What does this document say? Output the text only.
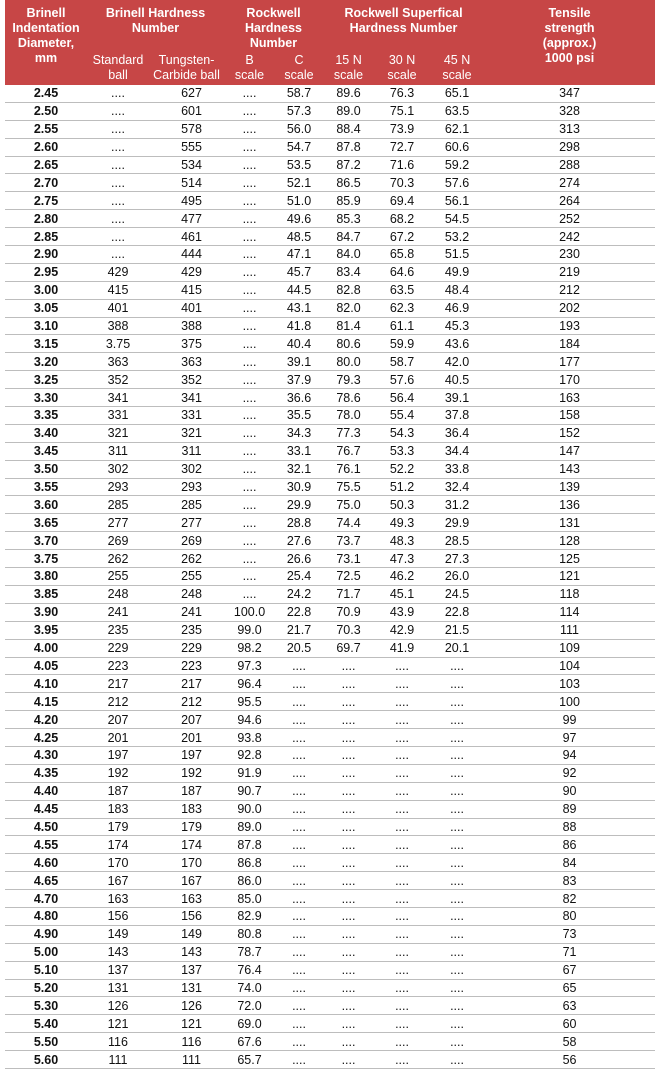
Brinell Indentation Diameter, mm	Brinell Hardness Number		Rockwell Hardness Number		Rockwell Superfical Hardness Number			Tensile strength (approx.) 1000 psi
	Standard ball	Tungsten-Carbide ball	B scale	C scale	15 N scale	30 N scale	45 N scale	
2.45	....	627	....	58.7	89.6	76.3	65.1	347
2.50	....	601	....	57.3	89.0	75.1	63.5	328
2.55	....	578	....	56.0	88.4	73.9	62.1	313
2.60	....	555	....	54.7	87.8	72.7	60.6	298
2.65	....	534	....	53.5	87.2	71.6	59.2	288
2.70	....	514	....	52.1	86.5	70.3	57.6	274
2.75	....	495	....	51.0	85.9	69.4	56.1	264
2.80	....	477	....	49.6	85.3	68.2	54.5	252
2.85	....	461	....	48.5	84.7	67.2	53.2	242
2.90	....	444	....	47.1	84.0	65.8	51.5	230
2.95	429	429	....	45.7	83.4	64.6	49.9	219
3.00	415	415	....	44.5	82.8	63.5	48.4	212
3.05	401	401	....	43.1	82.0	62.3	46.9	202
3.10	388	388	....	41.8	81.4	61.1	45.3	193
3.15	3.75	375	....	40.4	80.6	59.9	43.6	184
3.20	363	363	....	39.1	80.0	58.7	42.0	177
3.25	352	352	....	37.9	79.3	57.6	40.5	170
3.30	341	341	....	36.6	78.6	56.4	39.1	163
3.35	331	331	....	35.5	78.0	55.4	37.8	158
3.40	321	321	....	34.3	77.3	54.3	36.4	152
3.45	311	311	....	33.1	76.7	53.3	34.4	147
3.50	302	302	....	32.1	76.1	52.2	33.8	143
3.55	293	293	....	30.9	75.5	51.2	32.4	139
3.60	285	285	....	29.9	75.0	50.3	31.2	136
3.65	277	277	....	28.8	74.4	49.3	29.9	131
3.70	269	269	....	27.6	73.7	48.3	28.5	128
3.75	262	262	....	26.6	73.1	47.3	27.3	125
3.80	255	255	....	25.4	72.5	46.2	26.0	121
3.85	248	248	....	24.2	71.7	45.1	24.5	118
3.90	241	241	100.0	22.8	70.9	43.9	22.8	114
3.95	235	235	99.0	21.7	70.3	42.9	21.5	111
4.00	229	229	98.2	20.5	69.7	41.9	20.1	109
4.05	223	223	97.3	....	....	....	....	104
4.10	217	217	96.4	....	....	....	....	103
4.15	212	212	95.5	....	....	....	....	100
4.20	207	207	94.6	....	....	....	....	99
4.25	201	201	93.8	....	....	....	....	97
4.30	197	197	92.8	....	....	....	....	94
4.35	192	192	91.9	....	....	....	....	92
4.40	187	187	90.7	....	....	....	....	90
4.45	183	183	90.0	....	....	....	....	89
4.50	179	179	89.0	....	....	....	....	88
4.55	174	174	87.8	....	....	....	....	86
4.60	170	170	86.8	....	....	....	....	84
4.65	167	167	86.0	....	....	....	....	83
4.70	163	163	85.0	....	....	....	....	82
4.80	156	156	82.9	....	....	....	....	80
4.90	149	149	80.8	....	....	....	....	73
5.00	143	143	78.7	....	....	....	....	71
5.10	137	137	76.4	....	....	....	....	67
5.20	131	131	74.0	....	....	....	....	65
5.30	126	126	72.0	....	....	....	....	63
5.40	121	121	69.0	....	....	....	....	60
5.50	116	116	67.6	....	....	....	....	58
5.60	111	111	65.7	....	....	....	....	56
